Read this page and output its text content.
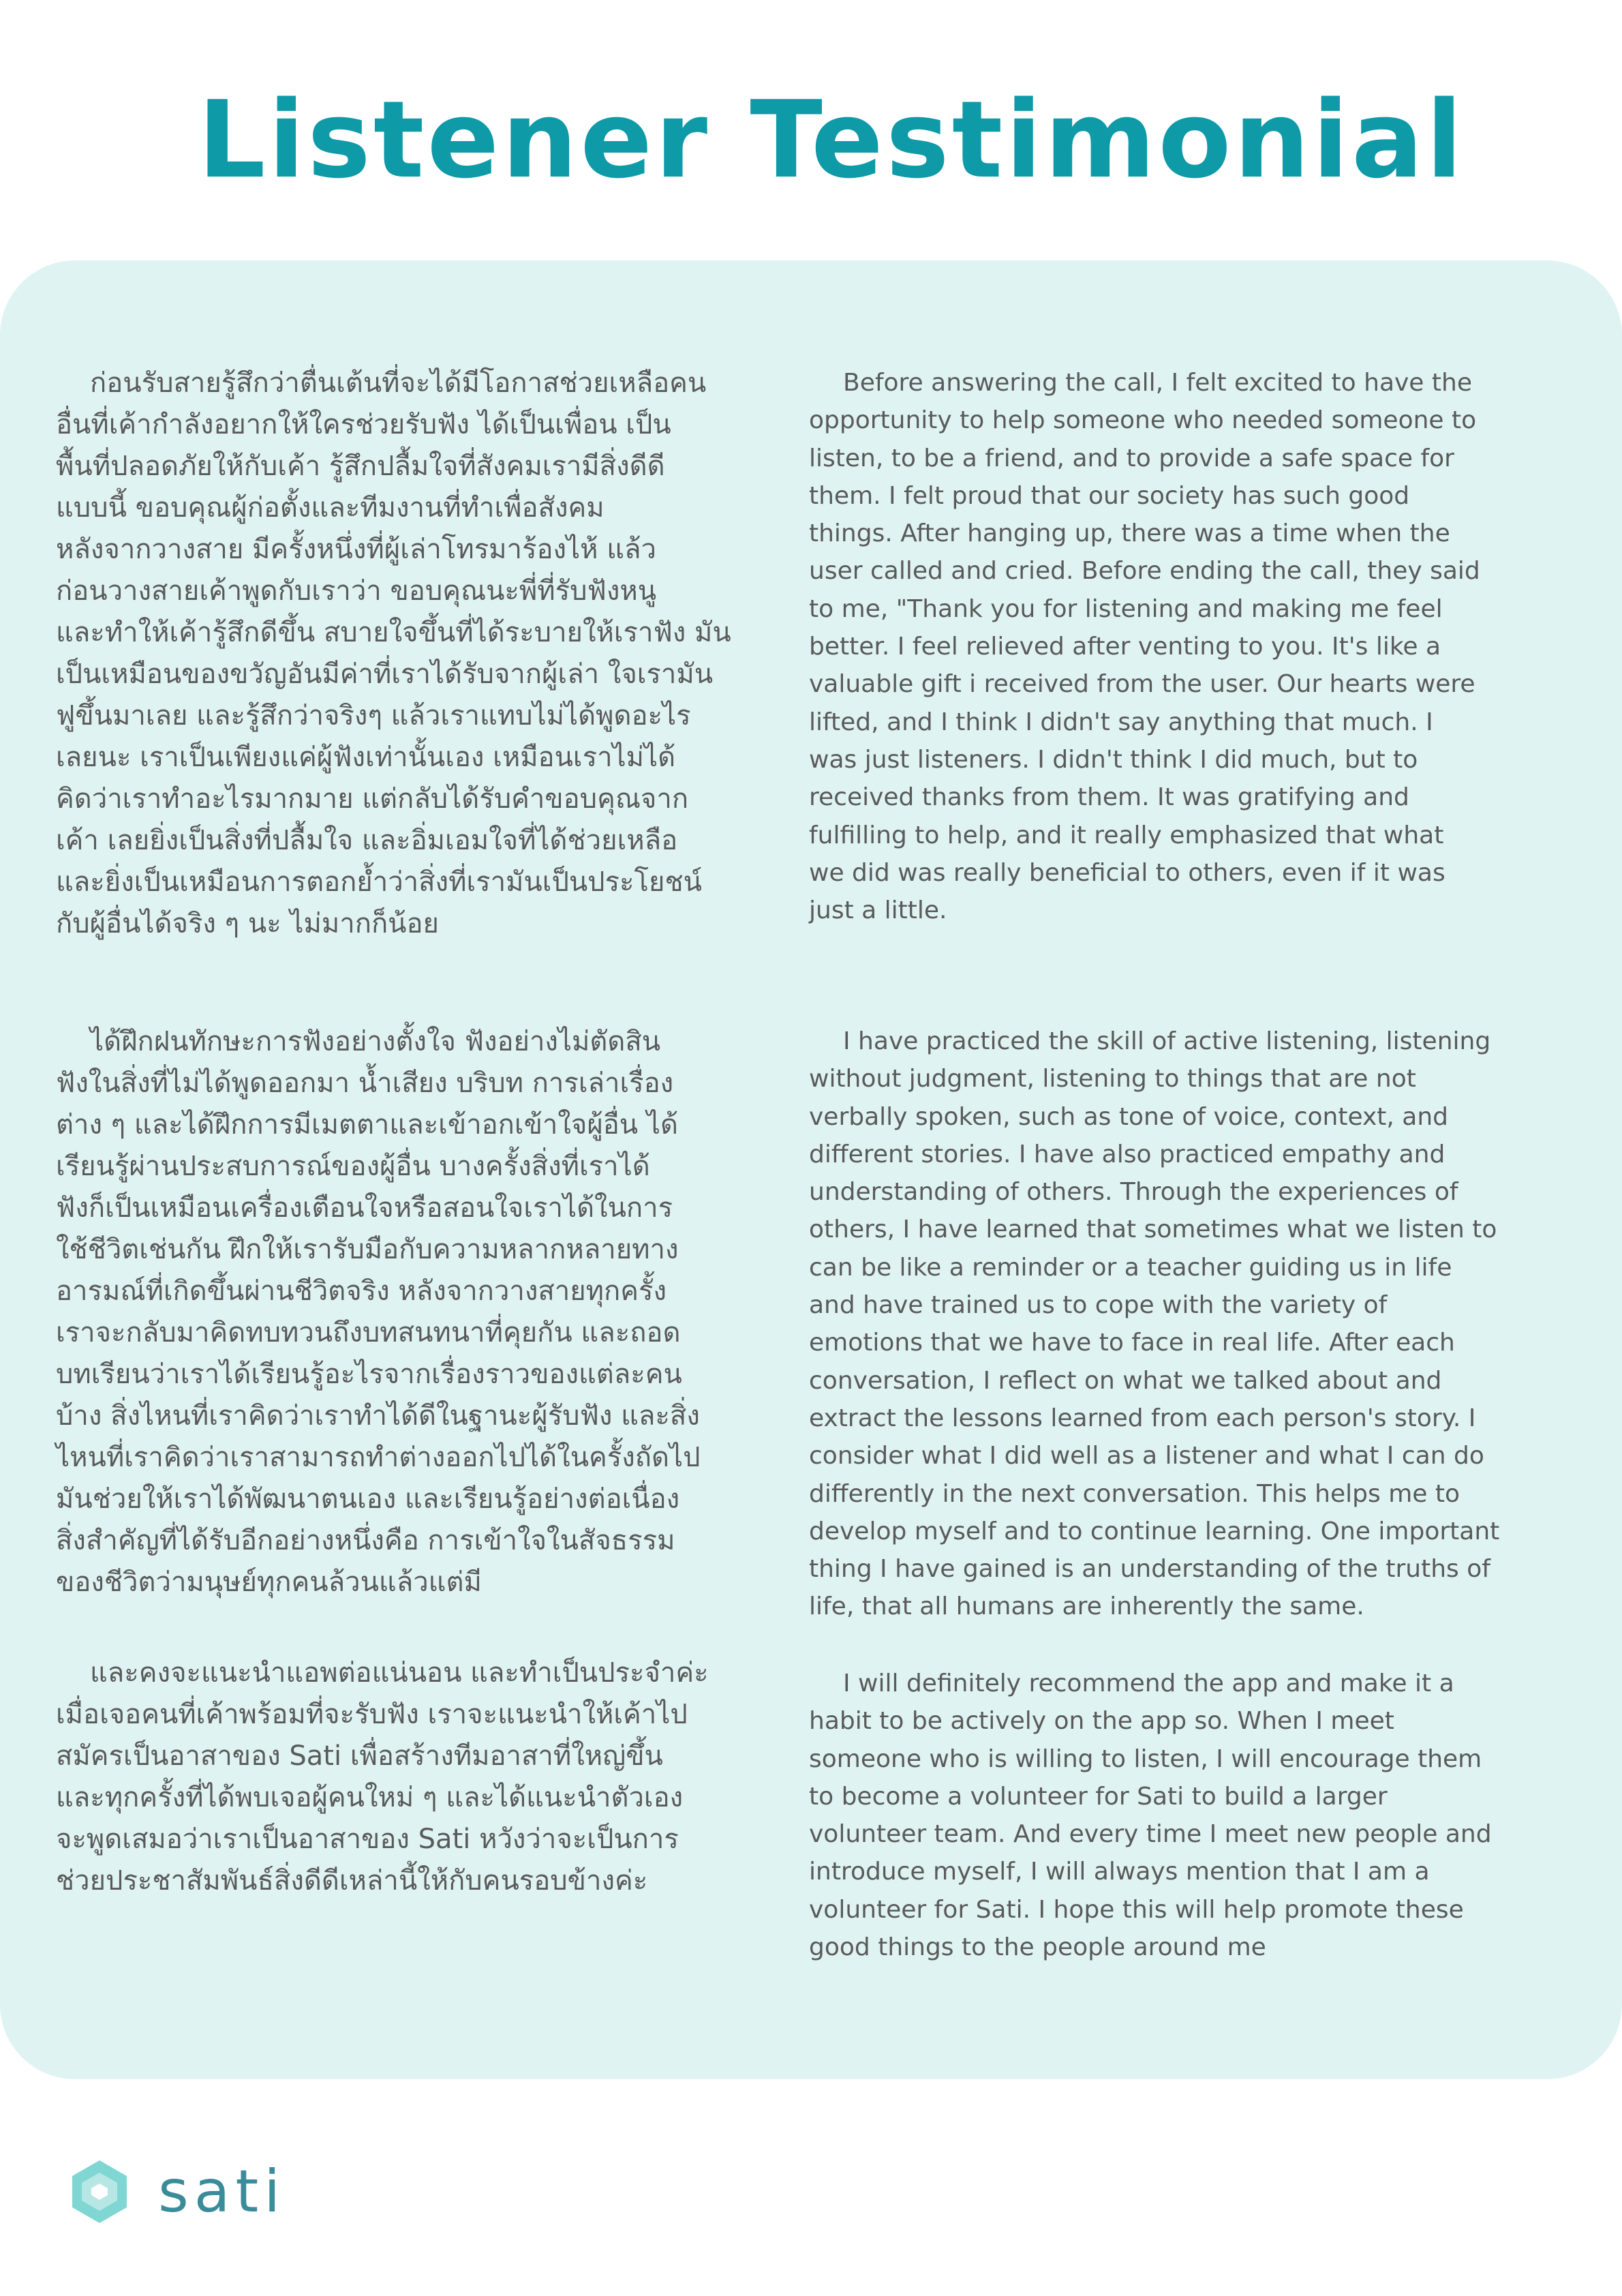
Listener Testimonial

ก่อนรับสายรู้สึกว่าตื่นเต้นที่จะได้มีโอกาสช่วยเหลือคน
อื่นที่เค้ากำลังอยากให้ใครช่วยรับฟัง ได้เป็นเพื่อน เป็น
พื้นที่ปลอดภัยให้กับเค้า รู้สึกปลื้มใจที่สังคมเรามีสิ่งดีดี
แบบนี้ ขอบคุณผู้ก่อตั้งและทีมงานที่ทำเพื่อสังคม
หลังจากวางสาย มีครั้งหนึ่งที่ผู้เล่าโทรมาร้องไห้ แล้ว
ก่อนวางสายเค้าพูดกับเราว่า ขอบคุณนะพี่ที่รับฟังหนู
และทำให้เค้ารู้สึกดีขึ้น สบายใจขึ้นที่ได้ระบายให้เราฟัง มัน
เป็นเหมือนของขวัญอันมีค่าที่เราได้รับจากผู้เล่า ใจเรามัน
ฟูขึ้นมาเลย และรู้สึกว่าจริงๆ แล้วเราแทบไม่ได้พูดอะไร
เลยนะ เราเป็นเพียงแค่ผู้ฟังเท่านั้นเอง เหมือนเราไม่ได้
คิดว่าเราทำอะไรมากมาย แต่กลับได้รับคำขอบคุณจาก
เค้า เลยยิ่งเป็นสิ่งที่ปลื้มใจ และอิ่มเอมใจที่ได้ช่วยเหลือ
และยิ่งเป็นเหมือนการตอกย้ำว่าสิ่งที่เรามันเป็นประโยชน์
กับผู้อื่นได้จริง ๆ นะ ไม่มากก็น้อย

Before answering the call, I felt excited to have the
opportunity to help someone who needed someone to
listen, to be a friend, and to provide a safe space for
them. I felt proud that our society has such good
things. After hanging up, there was a time when the
user called and cried. Before ending the call, they said
to me, "Thank you for listening and making me feel
better. I feel relieved after venting to you. It's like a
valuable gift i received from the user. Our hearts were
lifted, and I think I didn't say anything that much. I
was just listeners. I didn't think I did much, but to
received thanks from them. It was gratifying and
fulfilling to help, and it really emphasized that what
we did was really beneficial to others, even if it was
just a little.

ได้ฝึกฝนทักษะการฟังอย่างตั้งใจ ฟังอย่างไม่ตัดสิน
ฟังในสิ่งที่ไม่ได้พูดออกมา น้ำเสียง บริบท การเล่าเรื่อง
ต่าง ๆ และได้ฝึกการมีเมตตาและเข้าอกเข้าใจผู้อื่น ได้
เรียนรู้ผ่านประสบการณ์ของผู้อื่น บางครั้งสิ่งที่เราได้
ฟังก็เป็นเหมือนเครื่องเตือนใจหรือสอนใจเราได้ในการ
ใช้ชีวิตเช่นกัน ฝึกให้เรารับมือกับความหลากหลายทาง
อารมณ์ที่เกิดขึ้นผ่านชีวิตจริง หลังจากวางสายทุกครั้ง
เราจะกลับมาคิดทบทวนถึงบทสนทนาที่คุยกัน และถอด
บทเรียนว่าเราได้เรียนรู้อะไรจากเรื่องราวของแต่ละคน
บ้าง สิ่งไหนที่เราคิดว่าเราทำได้ดีในฐานะผู้รับฟัง และสิ่ง
ไหนที่เราคิดว่าเราสามารถทำต่างออกไปได้ในครั้งถัดไป
มันช่วยให้เราได้พัฒนาตนเอง และเรียนรู้อย่างต่อเนื่อง
สิ่งสำคัญที่ได้รับอีกอย่างหนึ่งคือ การเข้าใจในสัจธรรม
ของชีวิตว่ามนุษย์ทุกคนล้วนแล้วแต่มี

I have practiced the skill of active listening, listening
without judgment, listening to things that are not
verbally spoken, such as tone of voice, context, and
different stories. I have also practiced empathy and
understanding of others. Through the experiences of
others, I have learned that sometimes what we listen to
can be like a reminder or a teacher guiding us in life
and have trained us to cope with the variety of
emotions that we have to face in real life. After each
conversation, I reflect on what we talked about and
extract the lessons learned from each person's story. I
consider what I did well as a listener and what I can do
differently in the next conversation. This helps me to
develop myself and to continue learning. One important
thing I have gained is an understanding of the truths of
life, that all humans are inherently the same.

และคงจะแนะนำแอพต่อแน่นอน และทำเป็นประจำค่ะ
เมื่อเจอคนที่เค้าพร้อมที่จะรับฟัง เราจะแนะนำให้เค้าไป
สมัครเป็นอาสาของ Sati เพื่อสร้างทีมอาสาที่ใหญ่ขึ้น
และทุกครั้งที่ได้พบเจอผู้คนใหม่ ๆ และได้แนะนำตัวเอง
จะพูดเสมอว่าเราเป็นอาสาของ Sati หวังว่าจะเป็นการ
ช่วยประชาสัมพันธ์สิ่งดีดีเหล่านี้ให้กับคนรอบข้างค่ะ

I will definitely recommend the app and make it a
habit to be actively on the app so. When I meet
someone who is willing to listen, I will encourage them
to become a volunteer for Sati to build a larger
volunteer team. And every time I meet new people and
introduce myself, I will always mention that I am a
volunteer for Sati. I hope this will help promote these
good things to the people around me

sati
